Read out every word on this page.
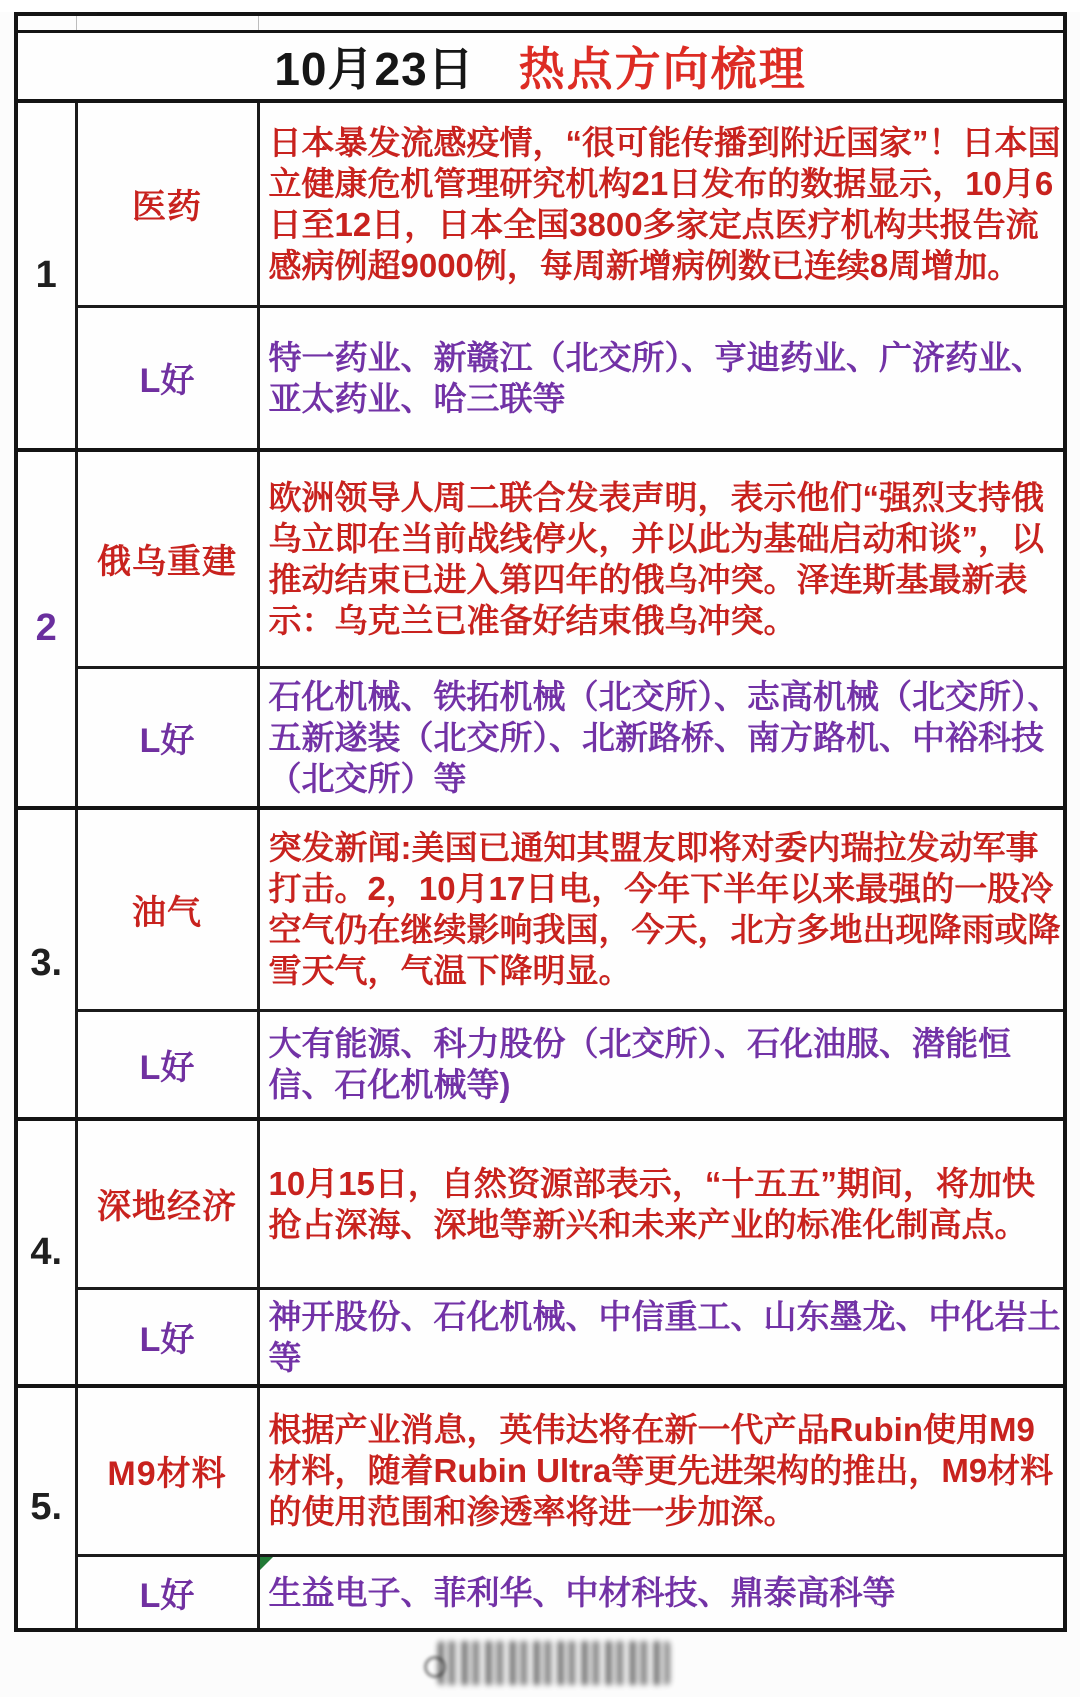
10月23日 热点方向梳理		
1	医药	日本暴发流感疫情，“很可能传播到附近国家”！日本国立健康危机管理研究机构21日发布的数据显示，10月6日至12日，日本全国3800多家定点医疗机构共报告流感病例超9000例，每周新增病例数已连续8周增加。

	L好	特一药业、新赣江（北交所）、亨迪药业、广济药业、亚太药业、哈三联等

2	俄乌重建	欧洲领导人周二联合发表声明，表示他们“强烈支持俄乌立即在当前战线停火，并以此为基础启动和谈”，以推动结束已进入第四年的俄乌冲突。泽连斯基最新表示：乌克兰已准备好结束俄乌冲突。

	L好	石化机械、铁拓机械（北交所）、志高机械（北交所）、五新遂装（北交所）、北新路桥、南方路机、中裕科技（北交所）等

3.	油气	突发新闻:美国已通知其盟友即将对委内瑞拉发动军事打击。2，10月17日电，今年下半年以来最强的一股冷空气仍在继续影响我国，今天，北方多地出现降雨或降雪天气，气温下降明显。

	L好	大有能源、科力股份（北交所）、石化油服、潜能恒信、石化机械等)

4.	深地经济	10月15日，自然资源部表示，“十五五”期间，将加快抢占深海、深地等新兴和未来产业的标准化制高点。

	L好	神开股份、石化机械、中信重工、山东墨龙、中化岩土等

5.	M9材料	根据产业消息，英伟达将在新一代产品Rubin使用M9材料，随着Rubin Ultra等更先进架构的推出，M9材料的使用范围和渗透率将进一步加深。

	L好	生益电子、菲利华、中材科技、鼎泰高科等
